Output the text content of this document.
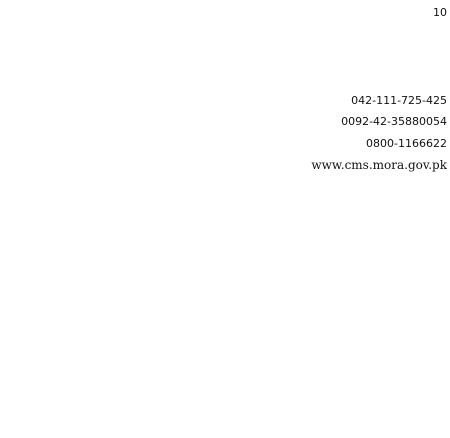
10
042-111-725-425
0092-42-35880054
0800-1166622
www.cms.mora.gov.pk
